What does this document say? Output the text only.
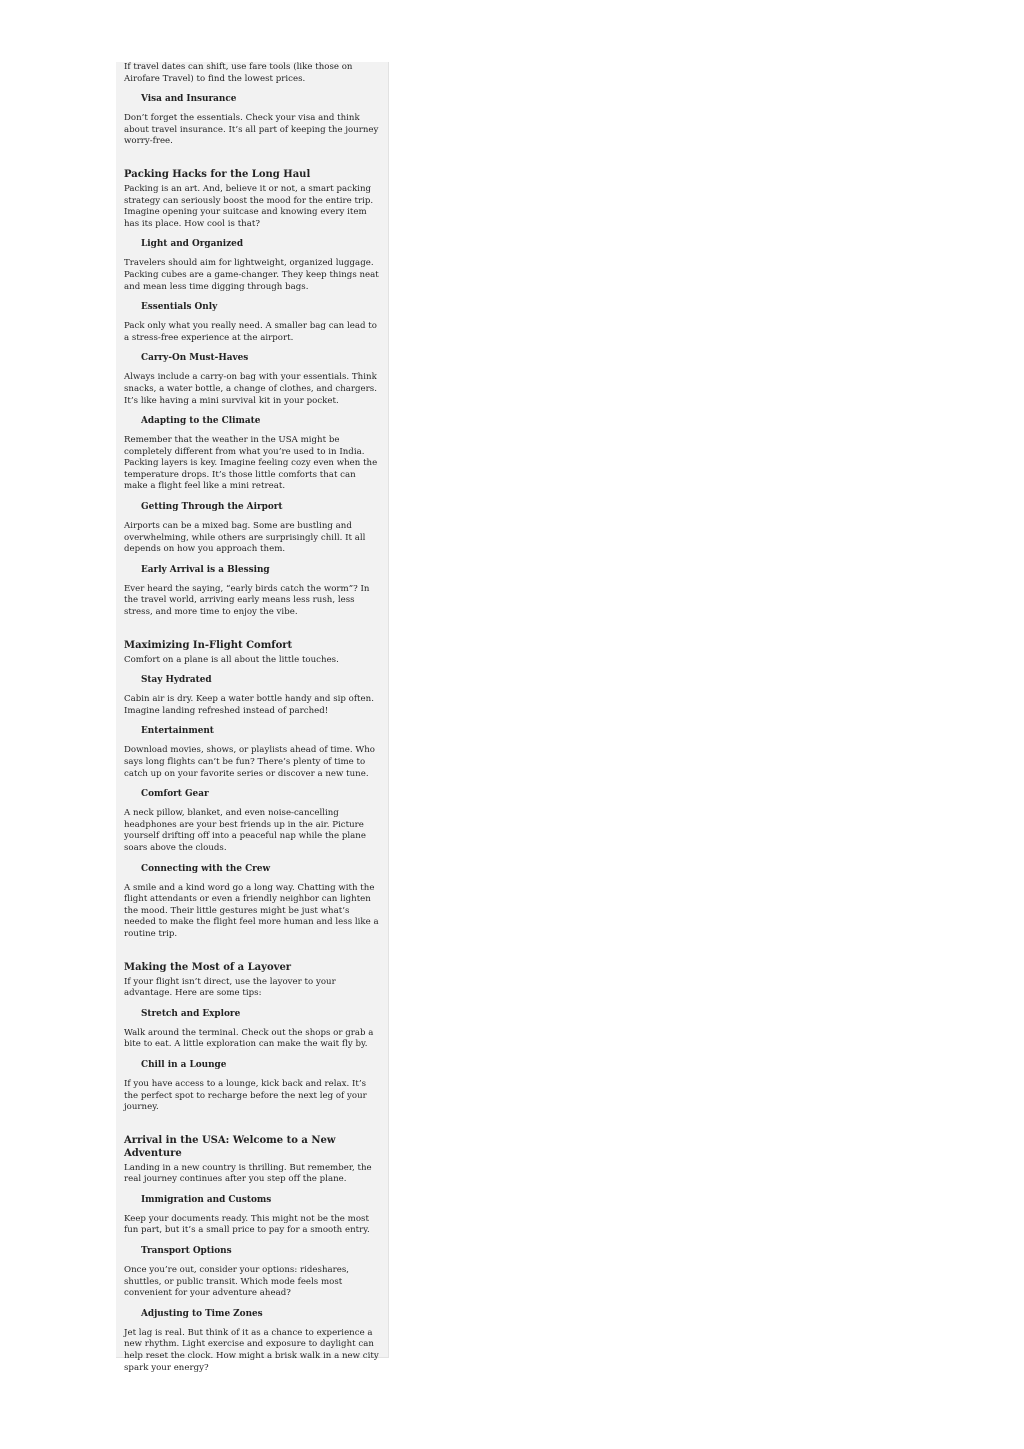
If travel dates can shift, use fare tools (like those on Airofare Travel) to find the lowest prices.

Visa and Insurance

Don’t forget the essentials. Check your visa and think about travel insurance. It’s all part of keeping the journey worry-free.

Packing Hacks for the Long Haul

Packing is an art. And, believe it or not, a smart packing strategy can seriously boost the mood for the entire trip. Imagine opening your suitcase and knowing every item has its place. How cool is that?

Light and Organized

Travelers should aim for lightweight, organized luggage. Packing cubes are a game-changer. They keep things neat and mean less time digging through bags.

Essentials Only

Pack only what you really need. A smaller bag can lead to a stress-free experience at the airport.

Carry-On Must-Haves

Always include a carry-on bag with your essentials. Think snacks, a water bottle, a change of clothes, and chargers. It’s like having a mini survival kit in your pocket.

Adapting to the Climate

Remember that the weather in the USA might be completely different from what you’re used to in India. Packing layers is key. Imagine feeling cozy even when the temperature drops. It’s those little comforts that can make a flight feel like a mini retreat.

Getting Through the Airport

Airports can be a mixed bag. Some are bustling and overwhelming, while others are surprisingly chill. It all depends on how you approach them.

Early Arrival is a Blessing

Ever heard the saying, “early birds catch the worm”? In the travel world, arriving early means less rush, less stress, and more time to enjoy the vibe.

Maximizing In-Flight Comfort

Comfort on a plane is all about the little touches.

Stay Hydrated

Cabin air is dry. Keep a water bottle handy and sip often. Imagine landing refreshed instead of parched!

Entertainment

Download movies, shows, or playlists ahead of time. Who says long flights can’t be fun? There’s plenty of time to catch up on your favorite series or discover a new tune.

Comfort Gear

A neck pillow, blanket, and even noise-cancelling headphones are your best friends up in the air. Picture yourself drifting off into a peaceful nap while the plane soars above the clouds.

Connecting with the Crew

A smile and a kind word go a long way. Chatting with the flight attendants or even a friendly neighbor can lighten the mood. Their little gestures might be just what’s needed to make the flight feel more human and less like a routine trip.

Making the Most of a Layover

If your flight isn’t direct, use the layover to your advantage. Here are some tips:

Stretch and Explore

Walk around the terminal. Check out the shops or grab a bite to eat. A little exploration can make the wait fly by.

Chill in a Lounge

If you have access to a lounge, kick back and relax. It’s the perfect spot to recharge before the next leg of your journey.

Arrival in the USA: Welcome to a New Adventure

Landing in a new country is thrilling. But remember, the real journey continues after you step off the plane.

Immigration and Customs

Keep your documents ready. This might not be the most fun part, but it’s a small price to pay for a smooth entry.

Transport Options

Once you’re out, consider your options: rideshares, shuttles, or public transit. Which mode feels most convenient for your adventure ahead?

Adjusting to Time Zones

Jet lag is real. But think of it as a chance to experience a new rhythm. Light exercise and exposure to daylight can help reset the clock. How might a brisk walk in a new city spark your energy?
